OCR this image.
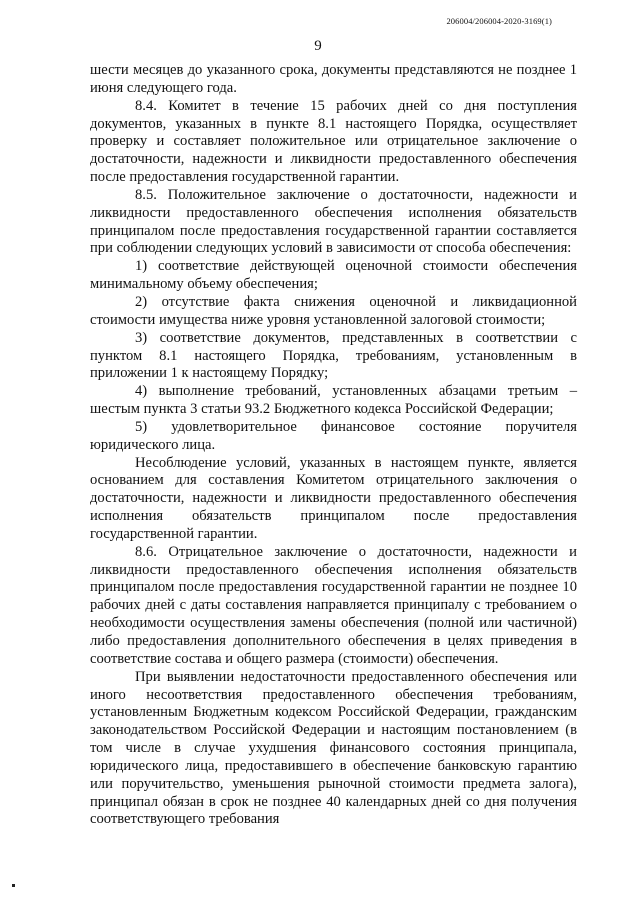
206004/206004-2020-3169(1)
9

шести месяцев до указанного срока, документы представляются не позднее 1 июня следующего года.

8.4. Комитет в течение 15 рабочих дней со дня поступления документов, указанных в пункте 8.1 настоящего Порядка, осуществляет проверку и составляет положительное или отрицательное заключение о достаточности, надежности и ликвидности предоставленного обеспечения после предоставления государственной гарантии.

8.5. Положительное заключение о достаточности, надежности и ликвидности предоставленного обеспечения исполнения обязательств принципалом после предоставления государственной гарантии составляется при соблюдении следующих условий в зависимости от способа обеспечения:

1) соответствие действующей оценочной стоимости обеспечения минимальному объему обеспечения;

2) отсутствие факта снижения оценочной и ликвидационной стоимости имущества ниже уровня установленной залоговой стоимости;

3) соответствие документов, представленных в соответствии с пунктом 8.1 настоящего Порядка, требованиям, установленным в приложении 1 к настоящему Порядку;

4) выполнение требований, установленных абзацами третьим – шестым пункта 3 статьи 93.2 Бюджетного кодекса Российской Федерации;

5) удовлетворительное финансовое состояние поручителя юридического лица.

Несоблюдение условий, указанных в настоящем пункте, является основанием для составления Комитетом отрицательного заключения о достаточности, надежности и ликвидности предоставленного обеспечения исполнения обязательств принципалом после предоставления государственной гарантии.

8.6. Отрицательное заключение о достаточности, надежности и ликвидности предоставленного обеспечения исполнения обязательств принципалом после предоставления государственной гарантии не позднее 10 рабочих дней с даты составления направляется принципалу с требованием о необходимости осуществления замены обеспечения (полной или частичной) либо предоставления дополнительного обеспечения в целях приведения в соответствие состава и общего размера (стоимости) обеспечения.

При выявлении недостаточности предоставленного обеспечения или иного несоответствия предоставленного обеспечения требованиям, установленным Бюджетным кодексом Российской Федерации, гражданским законодательством Российской Федерации и настоящим постановлением (в том числе в случае ухудшения финансового состояния принципала, юридического лица, предоставившего в обеспечение банковскую гарантию или поручительство, уменьшения рыночной стоимости предмета залога), принципал обязан в срок не позднее 40 календарных дней со дня получения соответствующего требования
